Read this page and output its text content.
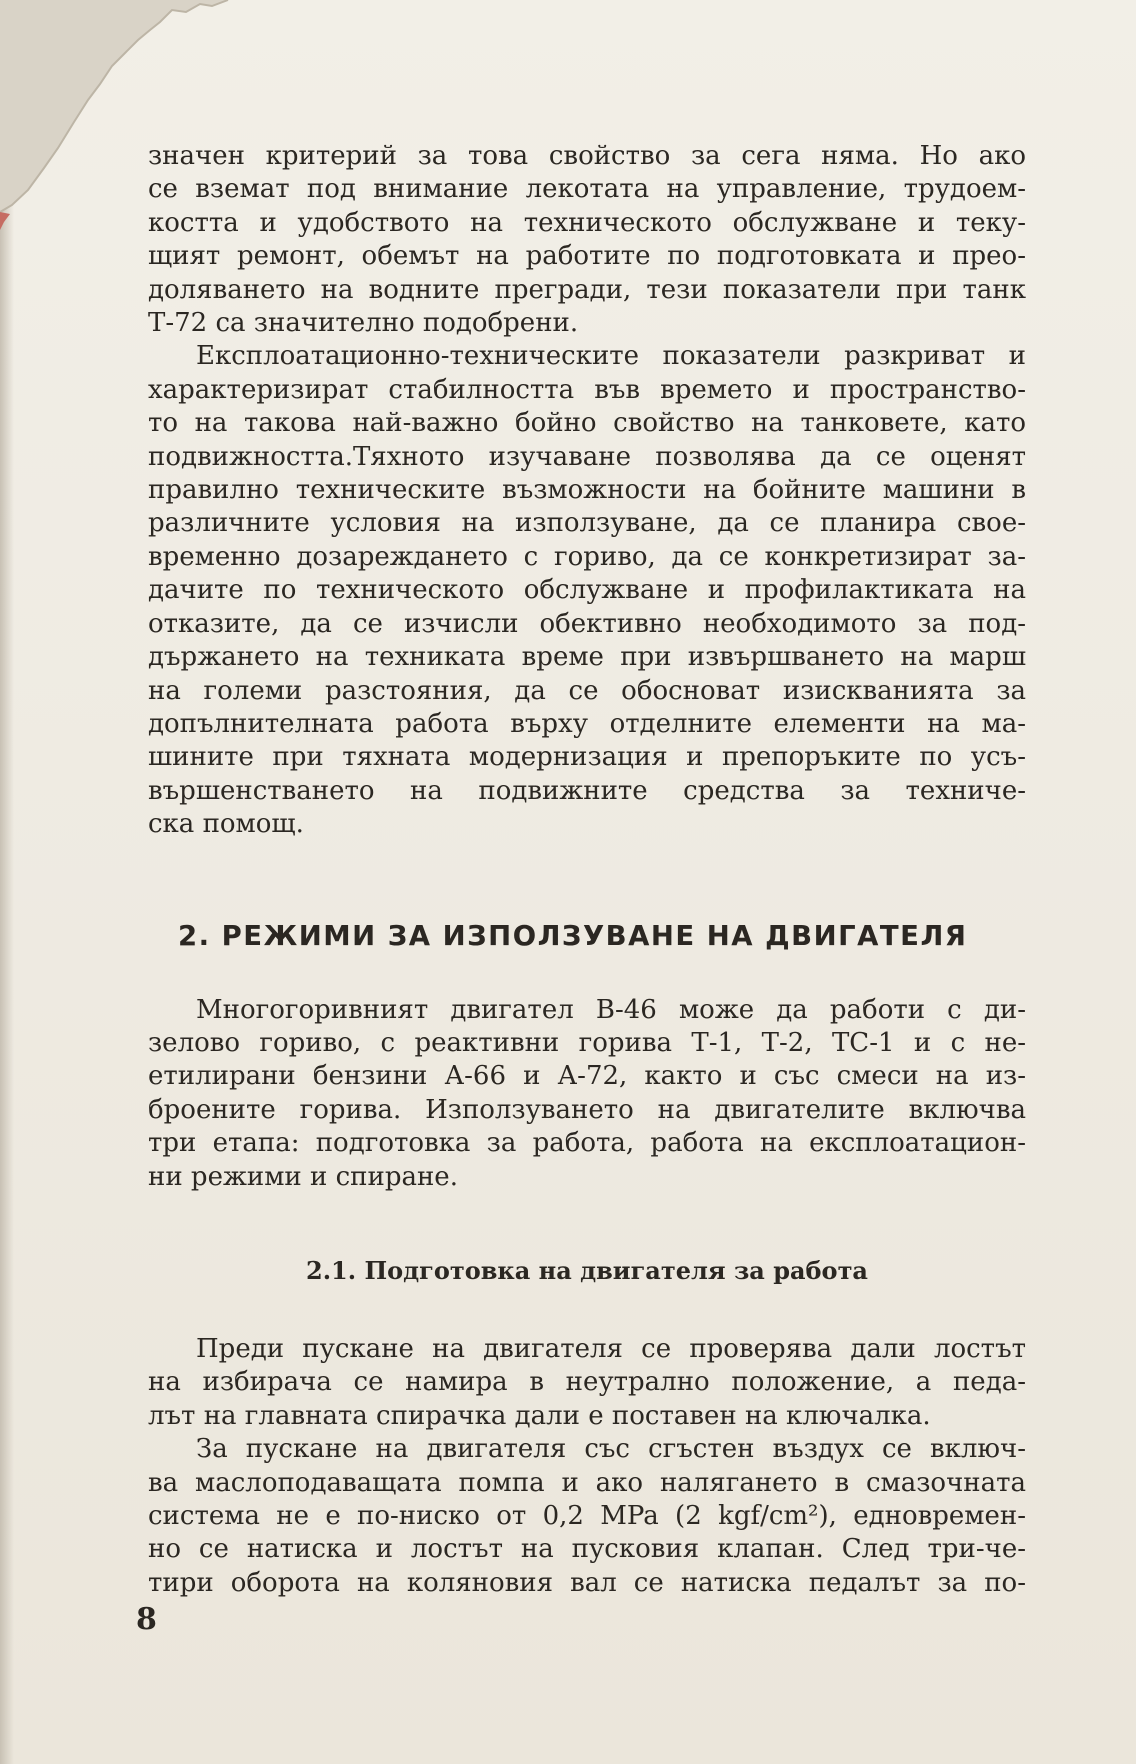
значен критерий за това свойство за сега няма. Но ако
се вземат под внимание лекотата на управление, трудоем-
костта и удобството на техническото обслужване и теку-
щият ремонт, обемът на работите по подготовката и прео-
доляването на водните прегради, тези показатели при танк
Т-72 са значително подобрени.

Експлоатационно-техническите показатели разкриват и
характеризират стабилността във времето и пространство-
то на такова най-важно бойно свойство на танковете, като
подвижността.Тяхното изучаване позволява да се оценят
правилно техническите възможности на бойните машини в
различните условия на използуване, да се планира свое-
временно дозареждането с гориво, да се конкретизират за-
дачите по техническото обслужване и профилактиката на
отказите, да се изчисли обективно необходимото за под-
държането на техниката време при извършването на марш
на големи разстояния, да се обосноват изискванията за
допълнителната работа върху отделните елементи на ма-
шините при тяхната модернизация и препоръките по усъ-
вършенстването на подвижните средства за техниче-
ска помощ.

2. РЕЖИМИ ЗА ИЗПОЛЗУВАНЕ НА ДВИГАТЕЛЯ

Многогоривният двигател В-46 може да работи с ди-
зелово гориво, с реактивни горива Т-1, Т-2, ТС-1 и с не-
етилирани бензини А-66 и А-72, както и със смеси на из-
броените горива. Използуването на двигателите включва
три етапа: подготовка за работа, работа на експлоатацион-
ни режими и спиране.

2.1. Подготовка на двигателя за работа

Преди пускане на двигателя се проверява дали лостът
на избирача се намира в неутрално положение, а педа-
лът на главната спирачка дали е поставен на ключалка.

За пускане на двигателя със сгъстен въздух се включ-
ва маслоподаващата помпа и ако налягането в смазочната
система не е по-ниско от 0,2 MPa (2 kgf/cm²), едновремен-
но се натиска и лостът на пусковия клапан. След три-че-
тири оборота на коляновия вал се натиска педалът за по-

8
